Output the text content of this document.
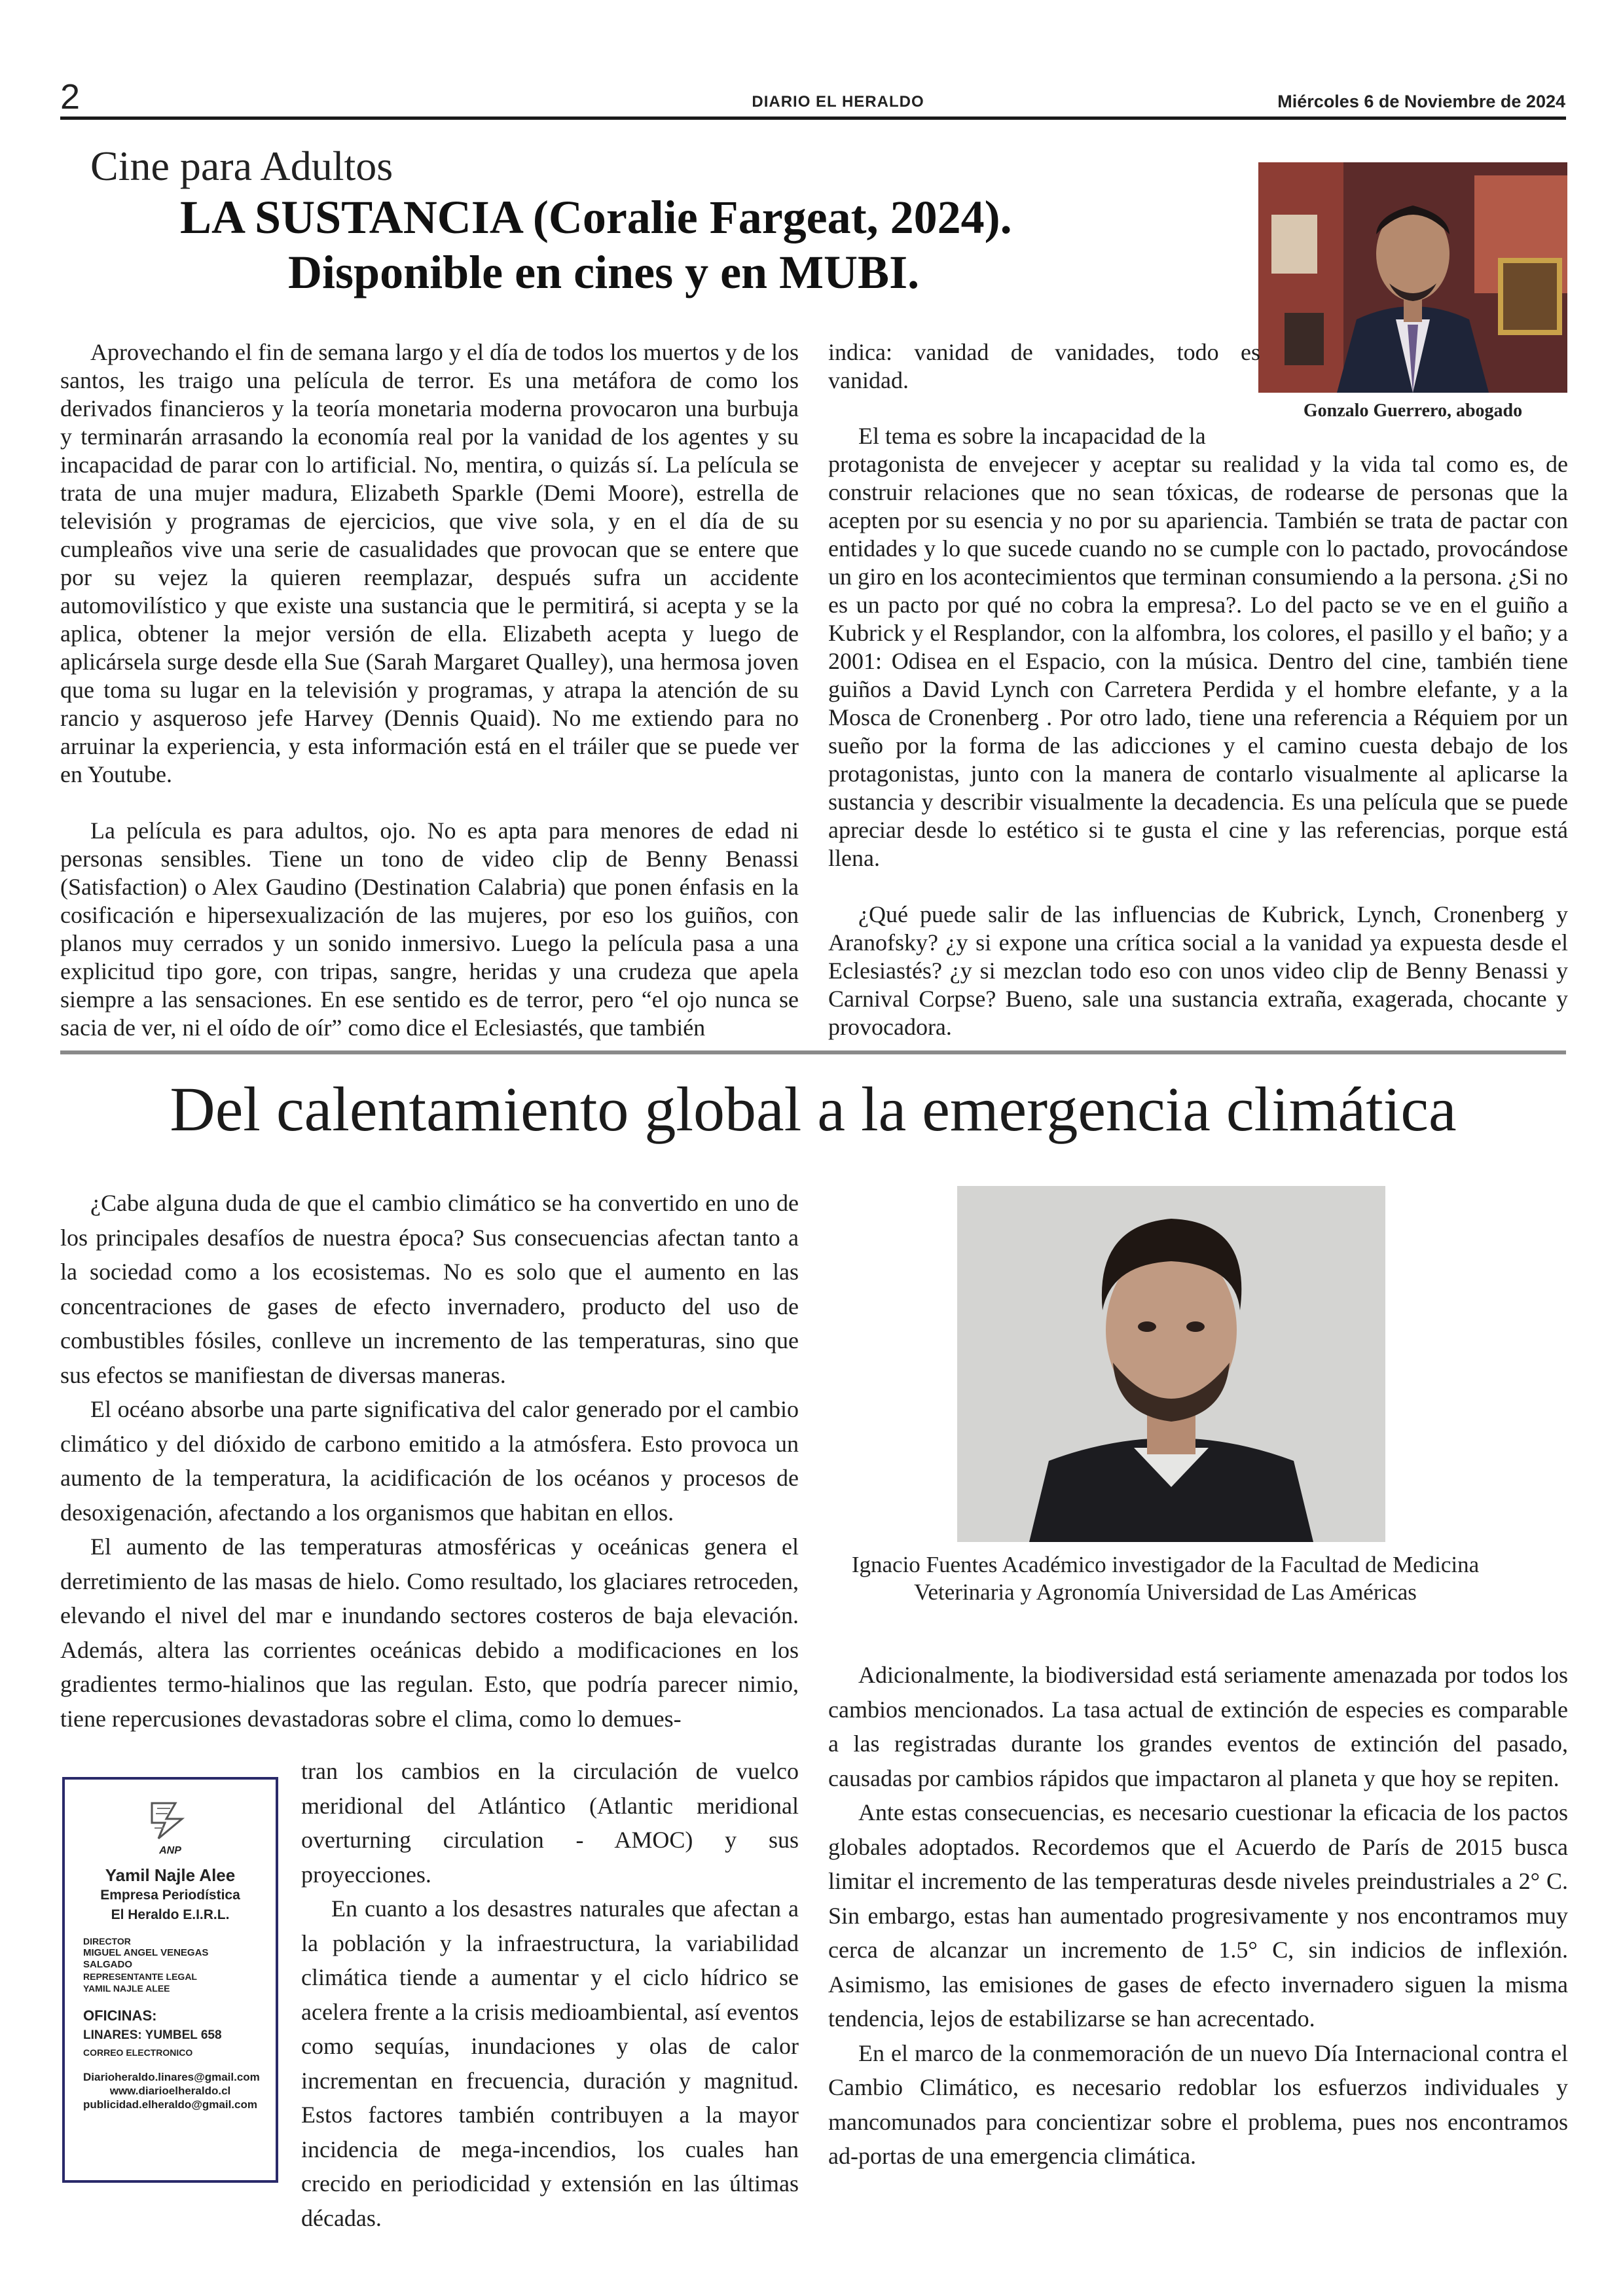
2	DIARIO EL HERALDO	Miércoles 6 de Noviembre de 2024
Cine para Adultos
LA SUSTANCIA (Coralie Fargeat, 2024).
Disponible en cines y en MUBI.
Gonzalo Guerrero, abogado

Aprovechando el fin de semana largo y el día de todos los muertos y de los santos, les traigo una película de terror. Es una metáfora de como los derivados financieros y la teoría monetaria moderna provocaron una burbuja y terminarán arrasando la economía real por la vanidad de los agentes y su incapacidad de parar con lo artificial. No, mentira, o quizás sí. La película se trata de una mujer madura, Elizabeth Sparkle (Demi Moore), estrella de televisión y programas de ejercicios, que vive sola, y en el día de su cumpleaños vive una serie de casualidades que provocan que se entere que por su vejez la quieren reemplazar, después sufra un accidente automovilístico y que existe una sustancia que le permitirá, si acepta y se la aplica, obtener la mejor versión de ella. Elizabeth acepta y luego de aplicársela surge desde ella Sue (Sarah Margaret Qualley), una hermosa joven que toma su lugar en la televisión y programas, y atrapa la atención de su rancio y asqueroso jefe Harvey (Dennis Quaid). No me extiendo para no arruinar la experiencia, y esta información está en el tráiler que se puede ver en Youtube.

La película es para adultos, ojo. No es apta para menores de edad ni personas sensibles. Tiene un tono de video clip de Benny Benassi (Satisfaction) o Alex Gaudino (Destination Calabria) que ponen énfasis en la cosificación e hipersexualización de las mujeres, por eso los guiños, con planos muy cerrados y un sonido inmersivo. Luego la película pasa a una explicitud tipo gore, con tripas, sangre, heridas y una crudeza que apela siempre a las sensaciones. En ese sentido es de terror, pero “el ojo nunca se sacia de ver, ni el oído de oír” como dice el Eclesiastés, que también

indica: vanidad de vanidades, todo es vanidad.

El tema es sobre la incapacidad de la

protagonista de envejecer y aceptar su realidad y la vida tal como es, de construir relaciones que no sean tóxicas, de rodearse de personas que la acepten por su esencia y no por su apariencia. También se trata de pactar con entidades y lo que sucede cuando no se cumple con lo pactado, provocándose un giro en los acontecimientos que terminan consumiendo a la persona. ¿Si no es un pacto por qué no cobra la empresa?. Lo del pacto se ve en el guiño a Kubrick y el Resplandor, con la alfombra, los colores, el pasillo y el baño; y a 2001: Odisea en el Espacio, con la música. Dentro del cine, también tiene guiños a David Lynch con Carretera Perdida y el hombre elefante, y a la Mosca de Cronenberg . Por otro lado, tiene una referencia a Réquiem por un sueño por la forma de las adicciones y el camino cuesta debajo de los protagonistas, junto con la manera de contarlo visualmente al aplicarse la sustancia y describir visualmente la decadencia. Es una película que se puede apreciar desde lo estético si te gusta el cine y las referencias, porque está llena.

¿Qué puede salir de las influencias de Kubrick, Lynch, Cronenberg y Aranofsky? ¿y si expone una crítica social a la vanidad ya expuesta desde el Eclesiastés? ¿y si mezclan todo eso con unos video clip de Benny Benassi y Carnival Corpse? Bueno, sale una sustancia extraña, exagerada, chocante y provocadora.

Del calentamiento global a la emergencia climática
Ignacio Fuentes Académico investigador de la Facultad de Medicina Veterinaria y Agronomía Universidad de Las Américas

¿Cabe alguna duda de que el cambio climático se ha convertido en uno de los principales desafíos de nuestra época? Sus consecuencias afectan tanto a la sociedad como a los ecosistemas. No es solo que el aumento en las concentraciones de gases de efecto invernadero, producto del uso de combustibles fósiles, conlleve un incremento de las temperaturas, sino que sus efectos se manifiestan de diversas maneras.

El océano absorbe una parte significativa del calor generado por el cambio climático y del dióxido de carbono emitido a la atmósfera. Esto provoca un aumento de la temperatura, la acidificación de los océanos y procesos de desoxigenación, afectando a los organismos que habitan en ellos.

El aumento de las temperaturas atmosféricas y oceánicas genera el derretimiento de las masas de hielo. Como resultado, los glaciares retroceden, elevando el nivel del mar e inundando sectores costeros de baja elevación. Además, altera las corrientes oceánicas debido a modificaciones en los gradientes termo-hialinos que las regulan. Esto, que podría parecer nimio, tiene repercusiones devastadoras sobre el clima, como lo demues-

tran los cambios en la circulación de vuelco meridional del Atlántico (Atlantic meridional overturning circulation - AMOC) y sus proyecciones.

En cuanto a los desastres naturales que afectan a la población y la infraestructura, la variabilidad climática tiende a aumentar y el ciclo hídrico se acelera frente a la crisis medioambiental, así eventos como sequías, inundaciones y olas de calor incrementan en frecuencia, duración y magnitud. Estos factores también contribuyen a la mayor incidencia de mega-incendios, los cuales han crecido en periodicidad y extensión en las últimas décadas.

Adicionalmente, la biodiversidad está seriamente amenazada por todos los cambios mencionados. La tasa actual de extinción de especies es comparable a las registradas durante los grandes eventos de extinción del pasado, causadas por cambios rápidos que impactaron al planeta y que hoy se repiten.

Ante estas consecuencias, es necesario cuestionar la eficacia de los pactos globales adoptados. Recordemos que el Acuerdo de París de 2015 busca limitar el incremento de las temperaturas desde niveles preindustriales a 2° C. Sin embargo, estas han aumentado progresivamente y nos encontramos muy cerca de alcanzar un incremento de 1.5° C, sin indicios de inflexión. Asimismo, las emisiones de gases de efecto invernadero siguen la misma tendencia, lejos de estabilizarse se han acrecentado.

En el marco de la conmemoración de un nuevo Día Internacional contra el Cambio Climático, es necesario redoblar los esfuerzos individuales y mancomunados para concientizar sobre el problema, pues nos encontramos ad-portas de una emergencia climática.

ANP
Yamil Najle Alee
Empresa Periodística
El Heraldo E.I.R.L.
DIRECTOR
MIGUEL ANGEL VENEGAS SALGADO
REPRESENTANTE LEGAL
YAMIL NAJLE ALEE
OFICINAS:
LINARES: YUMBEL 658
CORREO ELECTRONICO
Diarioheraldo.linares@gmail.com
www.diarioelheraldo.cl
publicidad.elheraldo@gmail.com
